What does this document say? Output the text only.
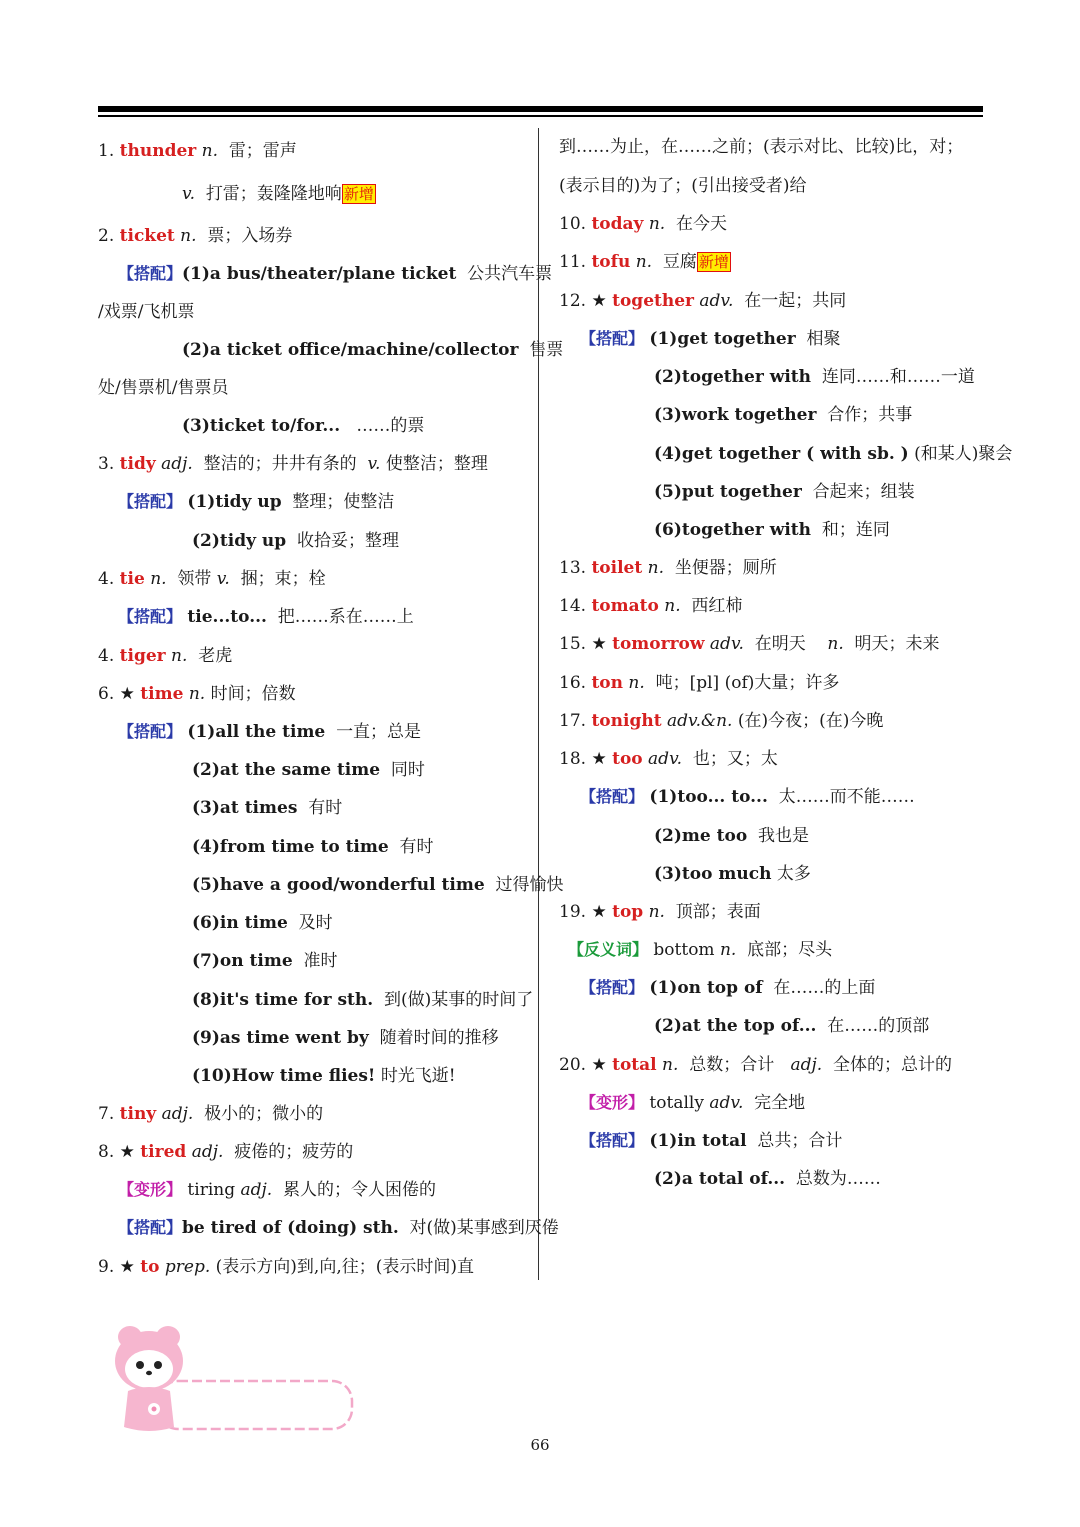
1. thunder n. 雷；雷声
v. 打雷；轰隆隆地响 新增
2. ticket n. 票；入场券
【搭配】(1)a bus/theater/plane ticket 公共汽车票
/戏票/飞机票
(2)a ticket office/machine/collector 售票
处/售票机/售票员
(3)ticket to/for... ……的票
3. tidy adj. 整洁的；井井有条的 v. 使整洁；整理
【搭配】 (1)tidy up 整理；使整洁
(2)tidy up 收拾妥；整理
4. tie n. 领带 v. 捆；束；栓
【搭配】 tie...to... 把……系在……上
4. tiger n. 老虎
6. ★ time n. 时间；倍数
【搭配】 (1)all the time 一直；总是
(2)at the same time 同时
(3)at times 有时
(4)from time to time 有时
(5)have a good/wonderful time 过得愉快
(6)in time 及时
(7)on time 准时
(8)it's time for sth. 到(做)某事的时间了
(9)as time went by 随着时间的推移
(10)How time flies! 时光飞逝!
7. tiny adj. 极小的；微小的
8. ★ tired adj. 疲倦的；疲劳的
【变形】 tiring adj. 累人的；令人困倦的
【搭配】be tired of (doing) sth. 对(做)某事感到厌倦
9. ★ to prep. (表示方向)到,向,往；(表示时间)直
到……为止，在……之前；(表示对比、比较)比，对；
(表示目的)为了；(引出接受者)给
10. today n. 在今天
11. tofu n. 豆腐 新增
12. ★ together adv. 在一起；共同
【搭配】 (1)get together 相聚
(2)together with 连同……和……一道
(3)work together 合作；共事
(4)get together ( with sb. ) (和某人)聚会
(5)put together 合起来；组装
(6)together with 和；连同
13. toilet n. 坐便器；厕所
14. tomato n. 西红柿
15. ★ tomorrow adv. 在明天 n. 明天；未来
16. ton n. 吨；[pl] (of)大量；许多
17. tonight adv.&n. (在)今夜；(在)今晚
18. ★ too adv. 也；又；太
【搭配】 (1)too... to... 太……而不能……
(2)me too 我也是
(3)too much 太多
19. ★ top n. 顶部；表面
【反义词】 bottom n. 底部；尽头
【搭配】 (1)on top of 在……的上面
(2)at the top of... 在……的顶部
20. ★ total n. 总数；合计 adj. 全体的；总计的
【变形】 totally adv. 完全地
【搭配】 (1)in total 总共；合计
(2)a total of... 总数为……
66
